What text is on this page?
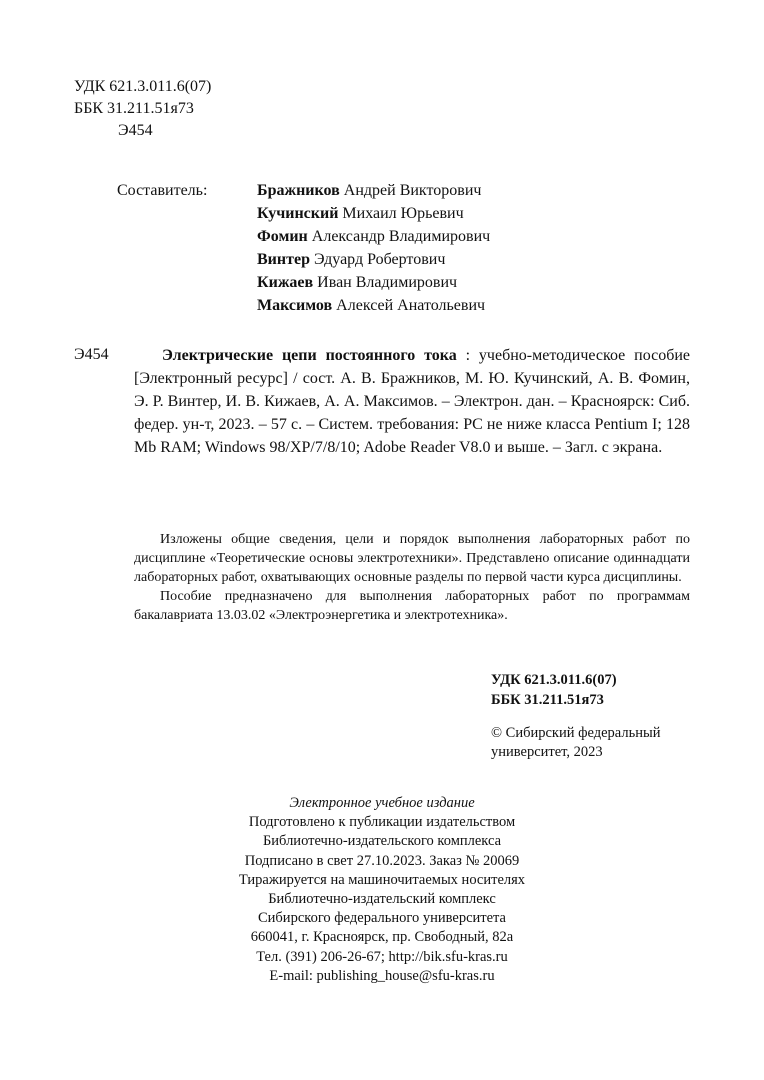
УДК 621.3.011.6(07)
ББК 31.211.51я73
Э454
Составитель:	Бражников Андрей Викторович
Кучинский Михаил Юрьевич
Фомин Александр Владимирович
Винтер Эдуард Робертович
Кижаев Иван Владимирович
Максимов Алексей Анатольевич
Э454	Электрические цепи постоянного тока : учебно-методическое пособие [Электронный ресурс] / сост. А. В. Бражников, М. Ю. Кучинский, А. В. Фомин, Э. Р. Винтер, И. В. Кижаев, А. А. Максимов. – Электрон. дан. – Красноярск: Сиб. федер. ун-т, 2023. – 57 с. – Систем. требования: PC не ниже класса Pentium I; 128 Mb RAM; Windows 98/XP/7/8/10; Adobe Reader V8.0 и выше. – Загл. с экрана.

Изложены общие сведения, цели и порядок выполнения лабораторных работ по дисциплине «Теоретические основы электротехники». Представлено описание одиннадцати лабораторных работ, охватывающих основные разделы по первой части курса дисциплины.

Пособие предназначено для выполнения лабораторных работ по программам бакалавриата 13.03.02 «Электроэнергетика и электротехника».

УДК 621.3.011.6(07)
ББК 31.211.51я73
© Сибирский федеральный
университет, 2023
Электронное учебное издание
Подготовлено к публикации издательством
Библиотечно-издательского комплекса
Подписано в свет 27.10.2023. Заказ № 20069
Тиражируется на машиночитаемых носителях
Библиотечно-издательский комплекс
Сибирского федерального университета
660041, г. Красноярск, пр. Свободный, 82а
Тел. (391) 206-26-67; http://bik.sfu-kras.ru
E-mail: publishing_house@sfu-kras.ru
